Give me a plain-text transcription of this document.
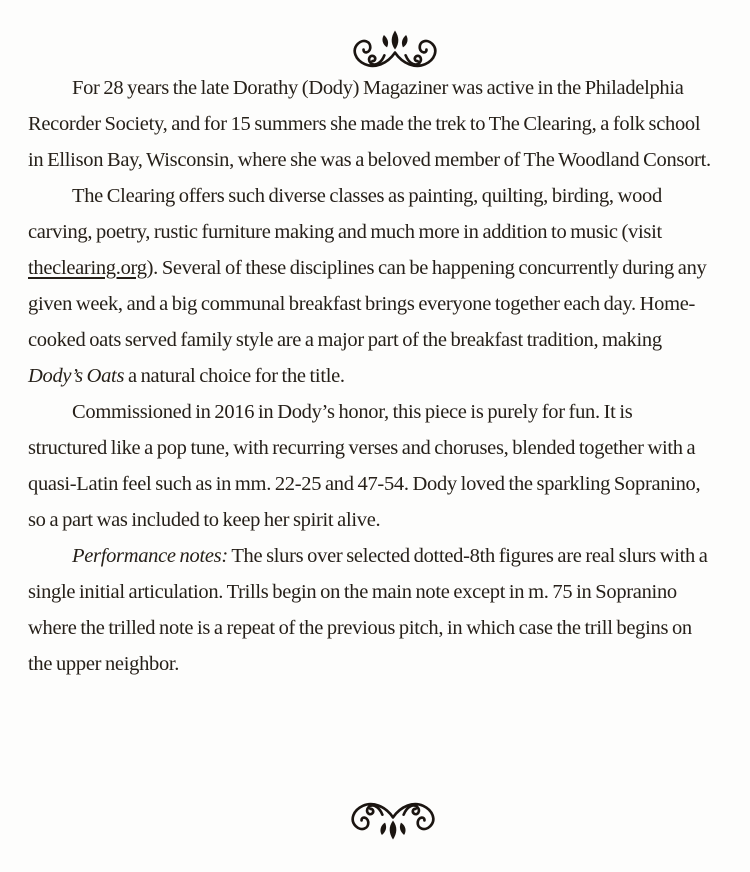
For 28 years the late Dorathy (Dody) Magaziner was active in the Philadelphia Recorder Society, and for 15 summers she made the trek to The Clearing, a folk school in Ellison Bay, Wisconsin, where she was a beloved member of The Woodland Consort.

The Clearing offers such diverse classes as painting, quilting, birding, wood carving, poetry, rustic furniture making and much more in addition to music (visit theclearing.org). Several of these disciplines can be happening concurrently during any given week, and a big communal breakfast brings everyone together each day. Home-cooked oats served family style are a major part of the breakfast tradition, making Dody’s Oats a natural choice for the title.

Commissioned in 2016 in Dody’s honor, this piece is purely for fun. It is structured like a pop tune, with recurring verses and choruses, blended together with a quasi-Latin feel such as in mm. 22-25 and 47-54. Dody loved the sparkling Sopranino, so a part was included to keep her spirit alive.

Performance notes: The slurs over selected dotted-8th figures are real slurs with a single initial articulation. Trills begin on the main note except in m. 75 in Sopranino where the trilled note is a repeat of the previous pitch, in which case the trill begins on the upper neighbor.
